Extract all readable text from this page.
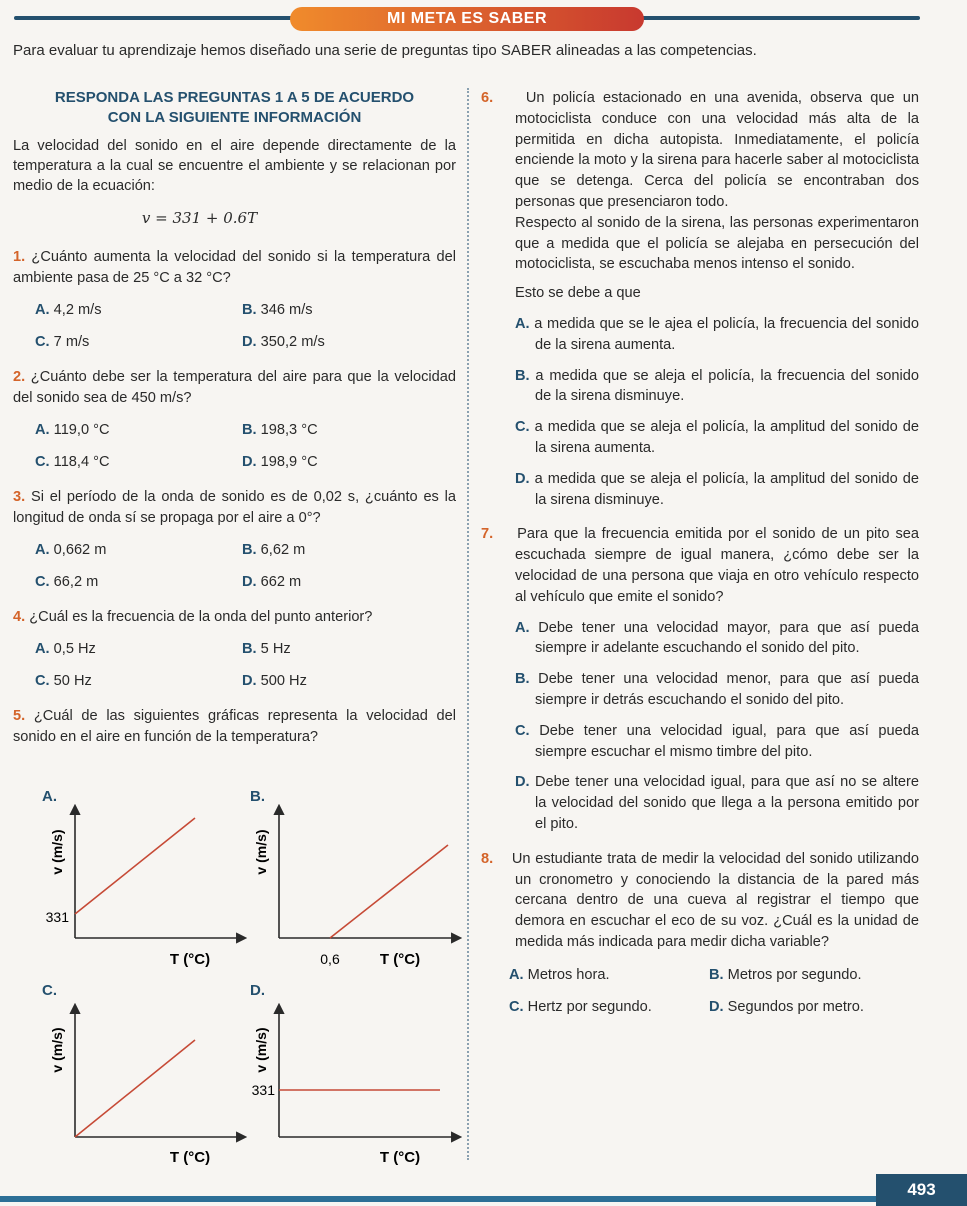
MI META ES SABER
Para evaluar tu aprendizaje hemos diseñado una serie de preguntas tipo SABER alineadas a las competencias.
RESPONDA LAS PREGUNTAS 1 A 5 DE ACUERDO
CON LA SIGUIENTE INFORMACIÓN
La velocidad del sonido en el aire depende directamente de la temperatura a la cual se encuentre el ambiente y se relacionan por medio de la ecuación:
v = 331 + 0.6T
1. ¿Cuánto aumenta la velocidad del sonido si la temperatura del ambiente pasa de 25 °C a 32 °C?
A. 4,2 m/s	B. 346 m/s
C. 7 m/s	D. 350,2 m/s
2. ¿Cuánto debe ser la temperatura del aire para que la velocidad del sonido sea de 450 m/s?
A. 119,0 °C	B. 198,3 °C
C. 118,4 °C	D. 198,9 °C
3. Si el período de la onda de sonido es de 0,02 s, ¿cuánto es la longitud de onda sí se propaga por el aire a 0°?
A. 0,662 m	B. 6,62 m
C. 66,2 m	D. 662 m
4. ¿Cuál es la frecuencia de la onda del punto anterior?
A. 0,5 Hz	B. 5 Hz
C. 50 Hz	D. 500 Hz
5. ¿Cuál de las siguientes gráficas representa la velocidad del sonido en el aire en función de la temperatura?
A.	B.
C.	D.
v (m/s)
T (°C)
331
v (m/s)
T (°C)
0,6
v (m/s)
T (°C)
v (m/s)
T (°C)
331
6. Un policía estacionado en una avenida, observa que un motociclista conduce con una velocidad más alta de la permitida en dicha autopista. Inmediatamente, el policía enciende la moto y la sirena para hacerle saber al motociclista que se detenga. Cerca del policía se encontraban dos personas que presenciaron todo.
Respecto al sonido de la sirena, las personas experimentaron que a medida que el policía se alejaba en persecución del motociclista, se escuchaba menos intenso el sonido.
Esto se debe a que
A. a medida que se le ajea el policía, la frecuencia del sonido de la sirena aumenta.
B. a medida que se aleja el policía, la frecuencia del sonido de la sirena disminuye.
C. a medida que se aleja el policía, la amplitud del sonido de la sirena aumenta.
D. a medida que se aleja el policía, la amplitud del sonido de la sirena disminuye.
7. Para que la frecuencia emitida por el sonido de un pito sea escuchada siempre de igual manera, ¿cómo debe ser la velocidad de una persona que viaja en otro vehículo respecto al vehículo que emite el sonido?
A. Debe tener una velocidad mayor, para que así pueda siempre ir adelante escuchando el sonido del pito.
B. Debe tener una velocidad menor, para que así pueda siempre ir detrás escuchando el sonido del pito.
C. Debe tener una velocidad igual, para que así pueda siempre escuchar el mismo timbre del pito.
D. Debe tener una velocidad igual, para que así no se altere la velocidad del sonido que llega a la persona emitido por el pito.
8. Un estudiante trata de medir la velocidad del sonido utilizando un cronometro y conociendo la distancia de la pared más cercana dentro de una cueva al registrar el tiempo que demora en escuchar el eco de su voz. ¿Cuál es la unidad de medida más indicada para medir dicha variable?
A. Metros hora.	B. Metros por segundo.
C. Hertz por segundo.	D. Segundos por metro.
493
